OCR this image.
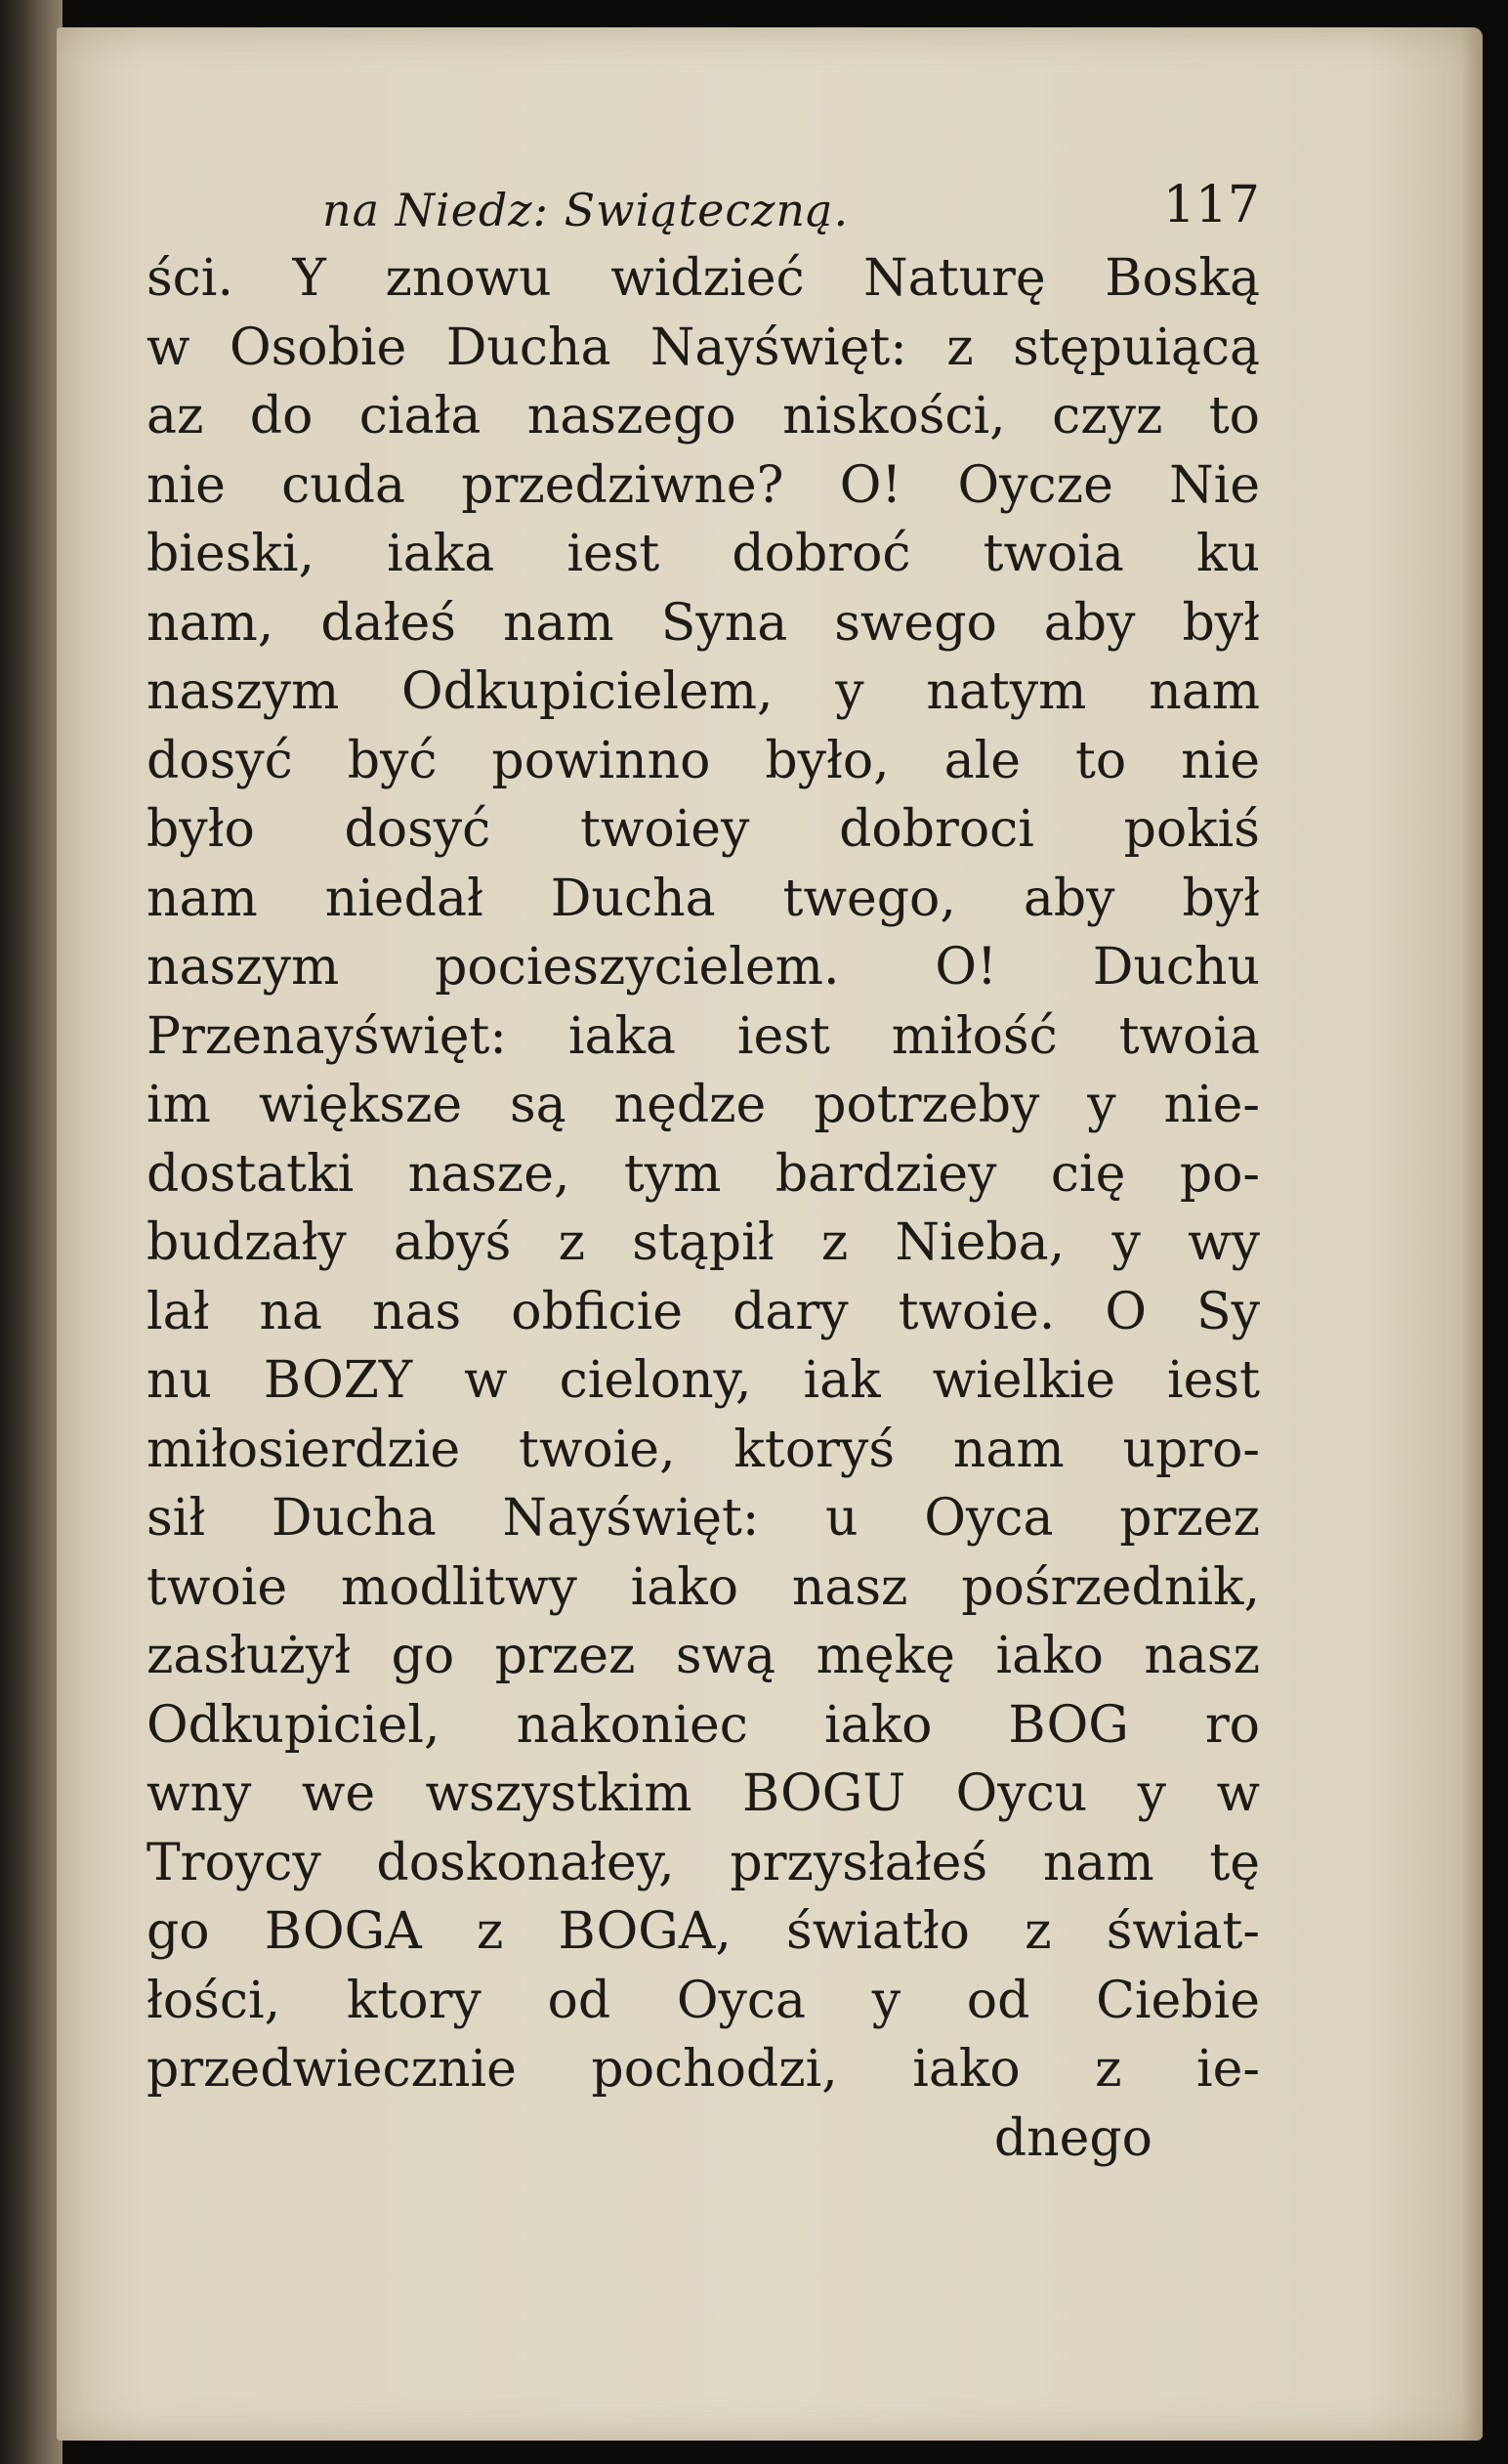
na Niedz: Swiąteczną.	117
ści. Y znowu widzieć Naturę Boską
w Osobie Ducha Nayświęt: z stępuiącą
az do ciała naszego niskości, czyz to
nie cuda przedziwne? O! Oycze Nie
bieski, iaka iest dobroć twoia ku
nam, dałeś nam Syna swego aby był
naszym Odkupicielem, y natym nam
dosyć być powinno było, ale to nie
było dosyć twoiey dobroci pokiś
nam niedał Ducha twego, aby był
naszym pocieszycielem. O! Duchu
Przenayświęt: iaka iest miłość twoia
im większe są nędze potrzeby y nie-
dostatki nasze, tym bardziey cię po-
budzały abyś z stąpił z Nieba, y wy
lał na nas obficie dary twoie. O Sy
nu BOZY w cielony, iak wielkie iest
miłosierdzie twoie, ktoryś nam upro-
sił Ducha Nayświęt: u Oyca przez
twoie modlitwy iako nasz pośrzednik,
zasłużył go przez swą mękę iako nasz
Odkupiciel, nakoniec iako BOG ro
wny we wszystkim BOGU Oycu y w
Troycy doskonałey, przysłałeś nam tę
go BOGA z BOGA, światło z świat-
łości, ktory od Oyca y od Ciebie
przedwiecznie pochodzi, iako z ie-
dnego
